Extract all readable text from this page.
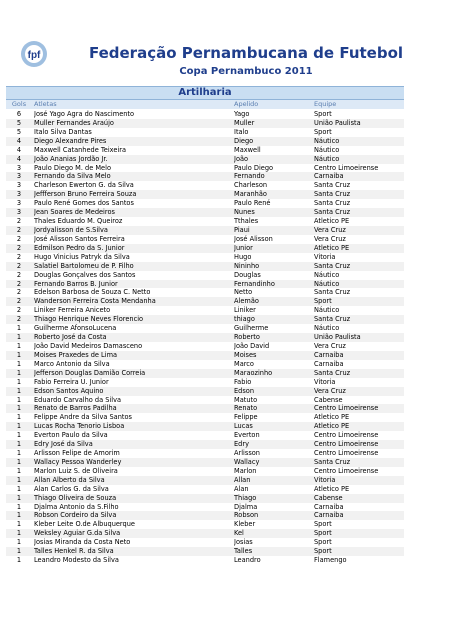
fpf	Federação Pernambucana de Futebol
Copa Pernambuco 2011
Artilharia
Gols	Atletas	Apelido	Equipe
6	José Yago Agra do Nascimento	Yago	Sport
5	Muller Fernandes Araújo	Muller	União Paulista
5	Italo Silva Dantas	Italo	Sport
4	Diego Alexandre Pires	Diego	Náutico
4	Maxwell Catanhede Teixeira	Maxwell	Náutico
4	João Ananias Jordão Jr.	João	Náutico
3	Paulo Diego M. de Melo	Paulo Diego	Centro Limoeirense
3	Fernando da Silva Melo	Fernando	Carnaiba
3	Charleson Ewerton G. da Silva	Charleson	Santa Cruz
3	Jeffferson Bruno Ferreira Souza	Maranhão	Santa Cruz
3	Paulo René Gomes dos Santos	Paulo René	Santa Cruz
3	Jean Soares de Medeiros	Nunes	Santa Cruz
2	Thales Eduardo M. Queiroz	Tthales	Atletico PE
2	Jordyalisson de S.Silva	Piaui	Vera Cruz
2	José Alisson Santos Ferreira	José Alisson	Vera Cruz
2	Edmilson Pedro da S. Junior	Junior	Atletico PE
2	Hugo Vinicius Patryk da Silva	Hugo	Vitoria
2	Salatiel Bartolomeu de P. Filho	Nininho	Santa Cruz
2	Douglas Gonçalves dos Santos	Douglas	Náutico
2	Fernando Barros B. Junior	Fernandinho	Náutico
2	Edelson Barbosa de Souza C. Netto	Netto	Santa Cruz
2	Wanderson Ferreira Costa Mendanha	Alemão	Sport
2	Liniker Ferreira Aniceto	Liniker	Náutico
2	Thiago Henrique Neves Florencio	thiago	Santa Cruz
1	Guilherme AfonsoLucena	Guilherme	Náutico
1	Roberto José da Costa	Roberto	União Paulista
1	João David Medeiros Damasceno	João David	Vera Cruz
1	Moises Praxedes de Lima	Moises	Carnaiba
1	Marco Antonio da Silva	Marco	Carnaiba
1	Jefferson Douglas Damião Correia	Maraozinho	Santa Cruz
1	Fabio Ferreira U. Junior	Fabio	Vitoria
1	Edson Santos Aquino	Edson	Vera Cruz
1	Eduardo Carvalho da Silva	Matuto	Cabense
1	Renato de Barros Padilha	Renato	Centro Limoeirense
1	Felippe Andre da Silva Santos	Felippe	Atletico PE
1	Lucas Rocha Tenorio Lisboa	Lucas	Atletico PE
1	Everton Paulo da Silva	Everton	Centro Limoeirense
1	Edry José da Silva	Edry	Centro Limoeirense
1	Arlisson Felipe de Amorim	Arlisson	Centro Limoeirense
1	Wallacy Pessoa Wanderley	Wallacy	Santa Cruz
1	Marlon Luiz S. de Oliveira	Marlon	Centro Limoeirense
1	Allan Alberto da Silva	Allan	Vitoria
1	Alan Carlos G. da Silva	Alan	Atletico PE
1	Thiago Oliveira de Souza	Thiago	Cabense
1	Djalma Antonio da S.Filho	Djalma	Carnaiba
1	Robson Cordeiro da Silva	Robson	Carnaiba
1	Kleber Leite O.de Albuquerque	Kleber	Sport
1	Weksley Aguiar G.da Silva	Kel	Sport
1	Josias Miranda da Costa Neto	Josias	Sport
1	Talles Henkel R. da Silva	Talles	Sport
1	Leandro Modesto da Silva	Leandro	Flamengo
